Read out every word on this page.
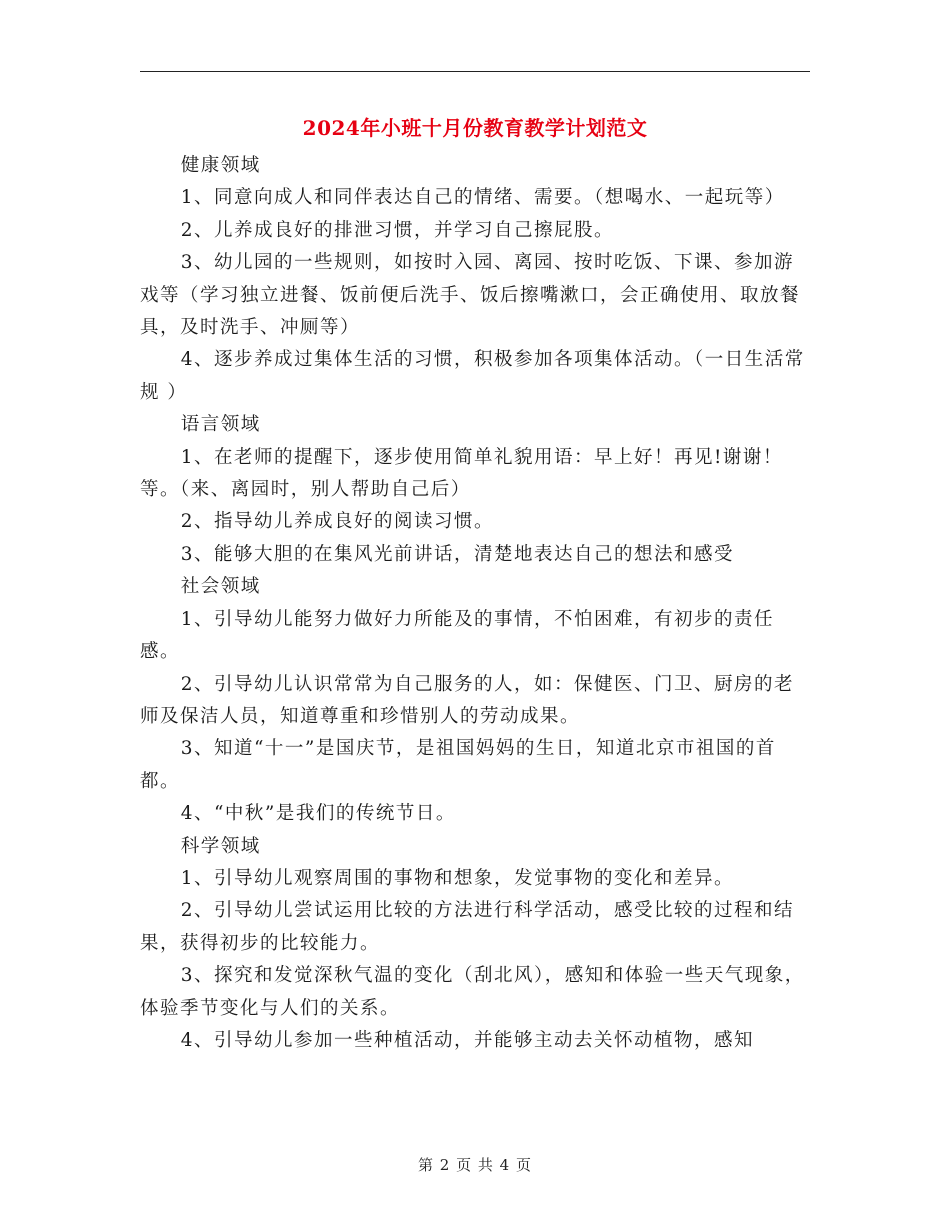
2024年小班十月份教育教学计划范文

健康领域

1、同意向成人和同伴表达自己的情绪、需要。（想喝水、一起玩等）

2、儿养成良好的排泄习惯，并学习自己擦屁股。

3、幼儿园的一些规则，如按时入园、离园、按时吃饭、下课、参加游戏等（学习独立进餐、饭前便后洗手、饭后擦嘴漱口，会正确使用、取放餐具，及时洗手、冲厕等）

4、逐步养成过集体生活的习惯，积极参加各项集体活动。（一日生活常规 ）

语言领域

1、在老师的提醒下，逐步使用简单礼貌用语：早上好！再见!谢谢！等。（来、离园时，别人帮助自己后）

2、指导幼儿养成良好的阅读习惯。

3、能够大胆的在集风光前讲话，清楚地表达自己的想法和感受

社会领域

1、引导幼儿能努力做好力所能及的事情，不怕困难，有初步的责任感。

2、引导幼儿认识常常为自己服务的人，如：保健医、门卫、厨房的老师及保洁人员，知道尊重和珍惜别人的劳动成果。

3、知道“十一”是国庆节，是祖国妈妈的生日，知道北京市祖国的首都。

4、“中秋”是我们的传统节日。

科学领域

1、引导幼儿观察周围的事物和想象，发觉事物的变化和差异。

2、引导幼儿尝试运用比较的方法进行科学活动，感受比较的过程和结果，获得初步的比较能力。

3、探究和发觉深秋气温的变化（刮北风），感知和体验一些天气现象，体验季节变化与人们的关系。

4、引导幼儿参加一些种植活动，并能够主动去关怀动植物，感知

第 2 页 共 4 页
